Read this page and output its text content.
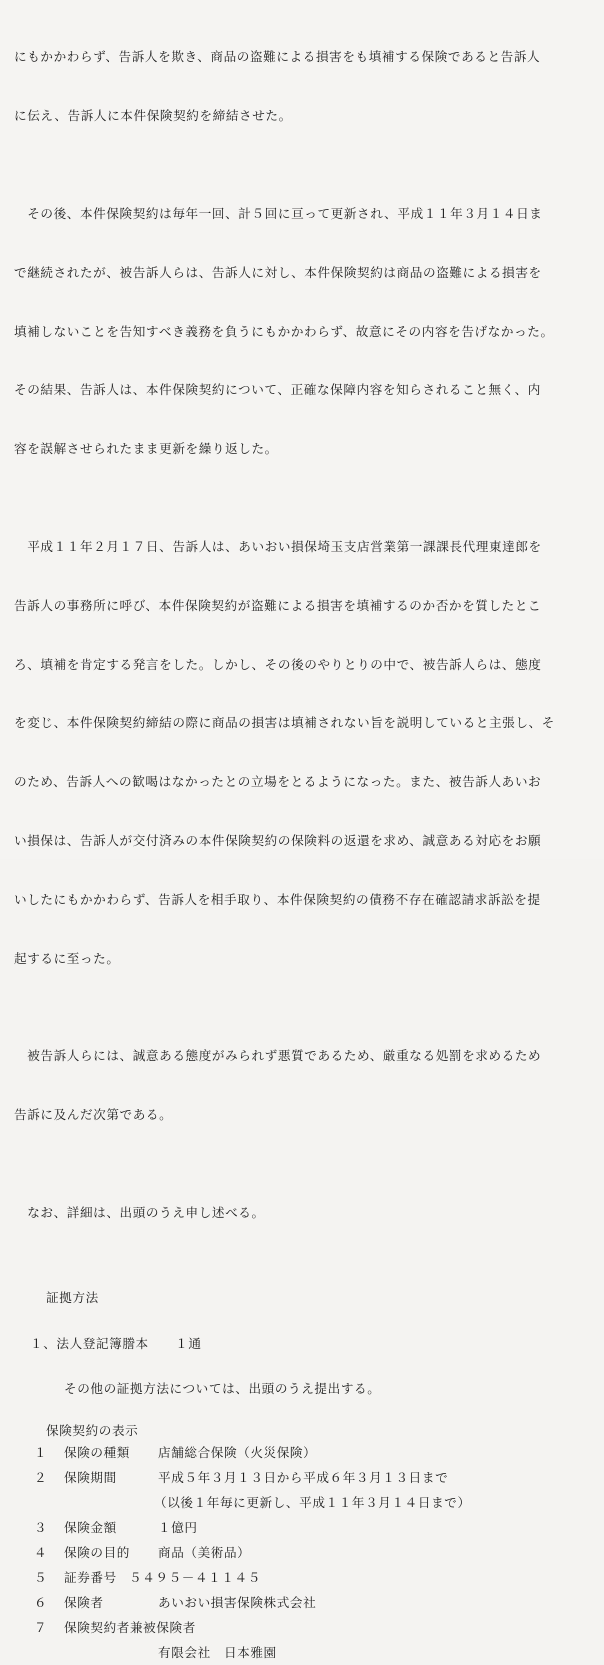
にもかかわらず、告訴人を欺き、商品の盗難による損害をも填補する保険であると告訴人

に伝え、告訴人に本件保険契約を締結させた。

　その後、本件保険契約は毎年一回、計５回に亘って更新され、平成１１年３月１４日ま

で継続されたが、被告訴人らは、告訴人に対し、本件保険契約は商品の盗難による損害を

填補しないことを告知すべき義務を負うにもかかわらず、故意にその内容を告げなかった。

その結果、告訴人は、本件保険契約について、正確な保障内容を知らされること無く、内

容を誤解させられたまま更新を繰り返した。

　平成１１年２月１７日、告訴人は、あいおい損保埼玉支店営業第一課課長代理東達郎を

告訴人の事務所に呼び、本件保険契約が盗難による損害を填補するのか否かを質したとこ

ろ、填補を肯定する発言をした。しかし、その後のやりとりの中で、被告訴人らは、態度

を変じ、本件保険契約締結の際に商品の損害は填補されない旨を説明していると主張し、そ

のため、告訴人への歓喝はなかったとの立場をとるようになった。また、被告訴人あいお

い損保は、告訴人が交付済みの本件保険契約の保険料の返還を求め、誠意ある対応をお願

いしたにもかかわらず、告訴人を相手取り、本件保険契約の債務不存在確認請求訴訟を提

起するに至った。

　被告訴人らには、誠意ある態度がみられず悪質であるため、厳重なる処罰を求めるため

告訴に及んだ次第である。

　なお、詳細は、出頭のうえ申し述べる。

証拠方法

１、法人登記簿謄本　　１通

その他の証拠方法については、出頭のうえ提出する。

保険契約の表示

１ 保険の種類 店舗総合保険（火災保険）
２ 保険期間	平成５年３月１３日から平成６年３月１３日まで
（以後１年毎に更新し、平成１１年３月１４日まで）
３ 保険金額	１億円
４ 保険の目的 商品（美術品）
５ 証券番号 ５４９５－４１１４５
６ 保険者	あいおい損害保険株式会社
７ 保険契約者兼被保険者
有限会社　日本雅園
